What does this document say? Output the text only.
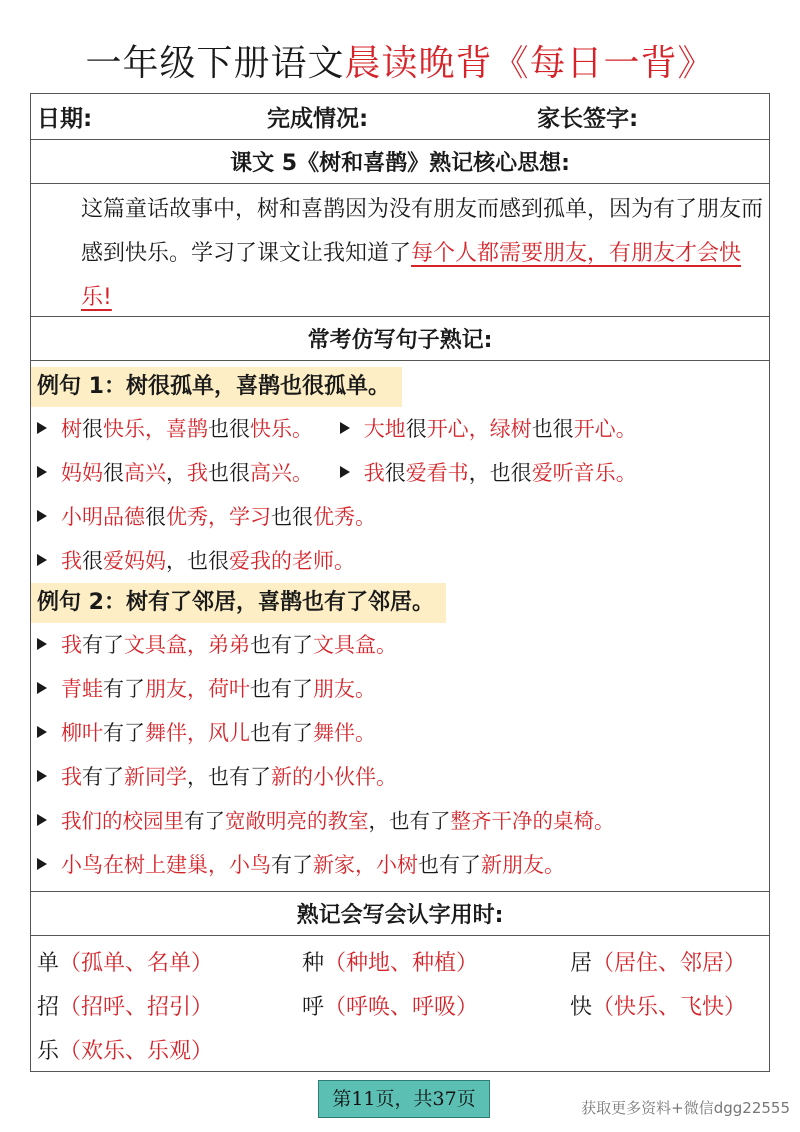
一年级下册语文晨读晚背《每日一背》
日期:	完成情况:	家长签字:
课文 5《树和喜鹊》熟记核心思想:
这篇童话故事中，树和喜鹊因为没有朋友而感到孤单，因为有了朋友而感到快乐。学习了课文让我知道了每个人都需要朋友，有朋友才会快乐!
常考仿写句子熟记:
例句 1：树很孤单，喜鹊也很孤单。
树很快乐，喜鹊也很快乐。 大地很开心，绿树也很开心。
妈妈很高兴，我也很高兴。 我很爱看书，也很爱听音乐。
小明品德很优秀，学习也很优秀。
我很爱妈妈，也很爱我的老师。
例句 2：树有了邻居，喜鹊也有了邻居。
我有了文具盒，弟弟也有了文具盒。
青蛙有了朋友，荷叶也有了朋友。
柳叶有了舞伴，风儿也有了舞伴。
我有了新同学，也有了新的小伙伴。
我们的校园里有了宽敞明亮的教室，也有了整齐干净的桌椅。
小鸟在树上建巢，小鸟有了新家，小树也有了新朋友。
熟记会写会认字用时:
单（孤单、名单）	种（种地、种植）	居（居住、邻居）
招（招呼、招引）	呼（呼唤、呼吸）	快（快乐、飞快）
乐（欢乐、乐观）
第11页，共37页	获取更多资料+微信dgg22555
